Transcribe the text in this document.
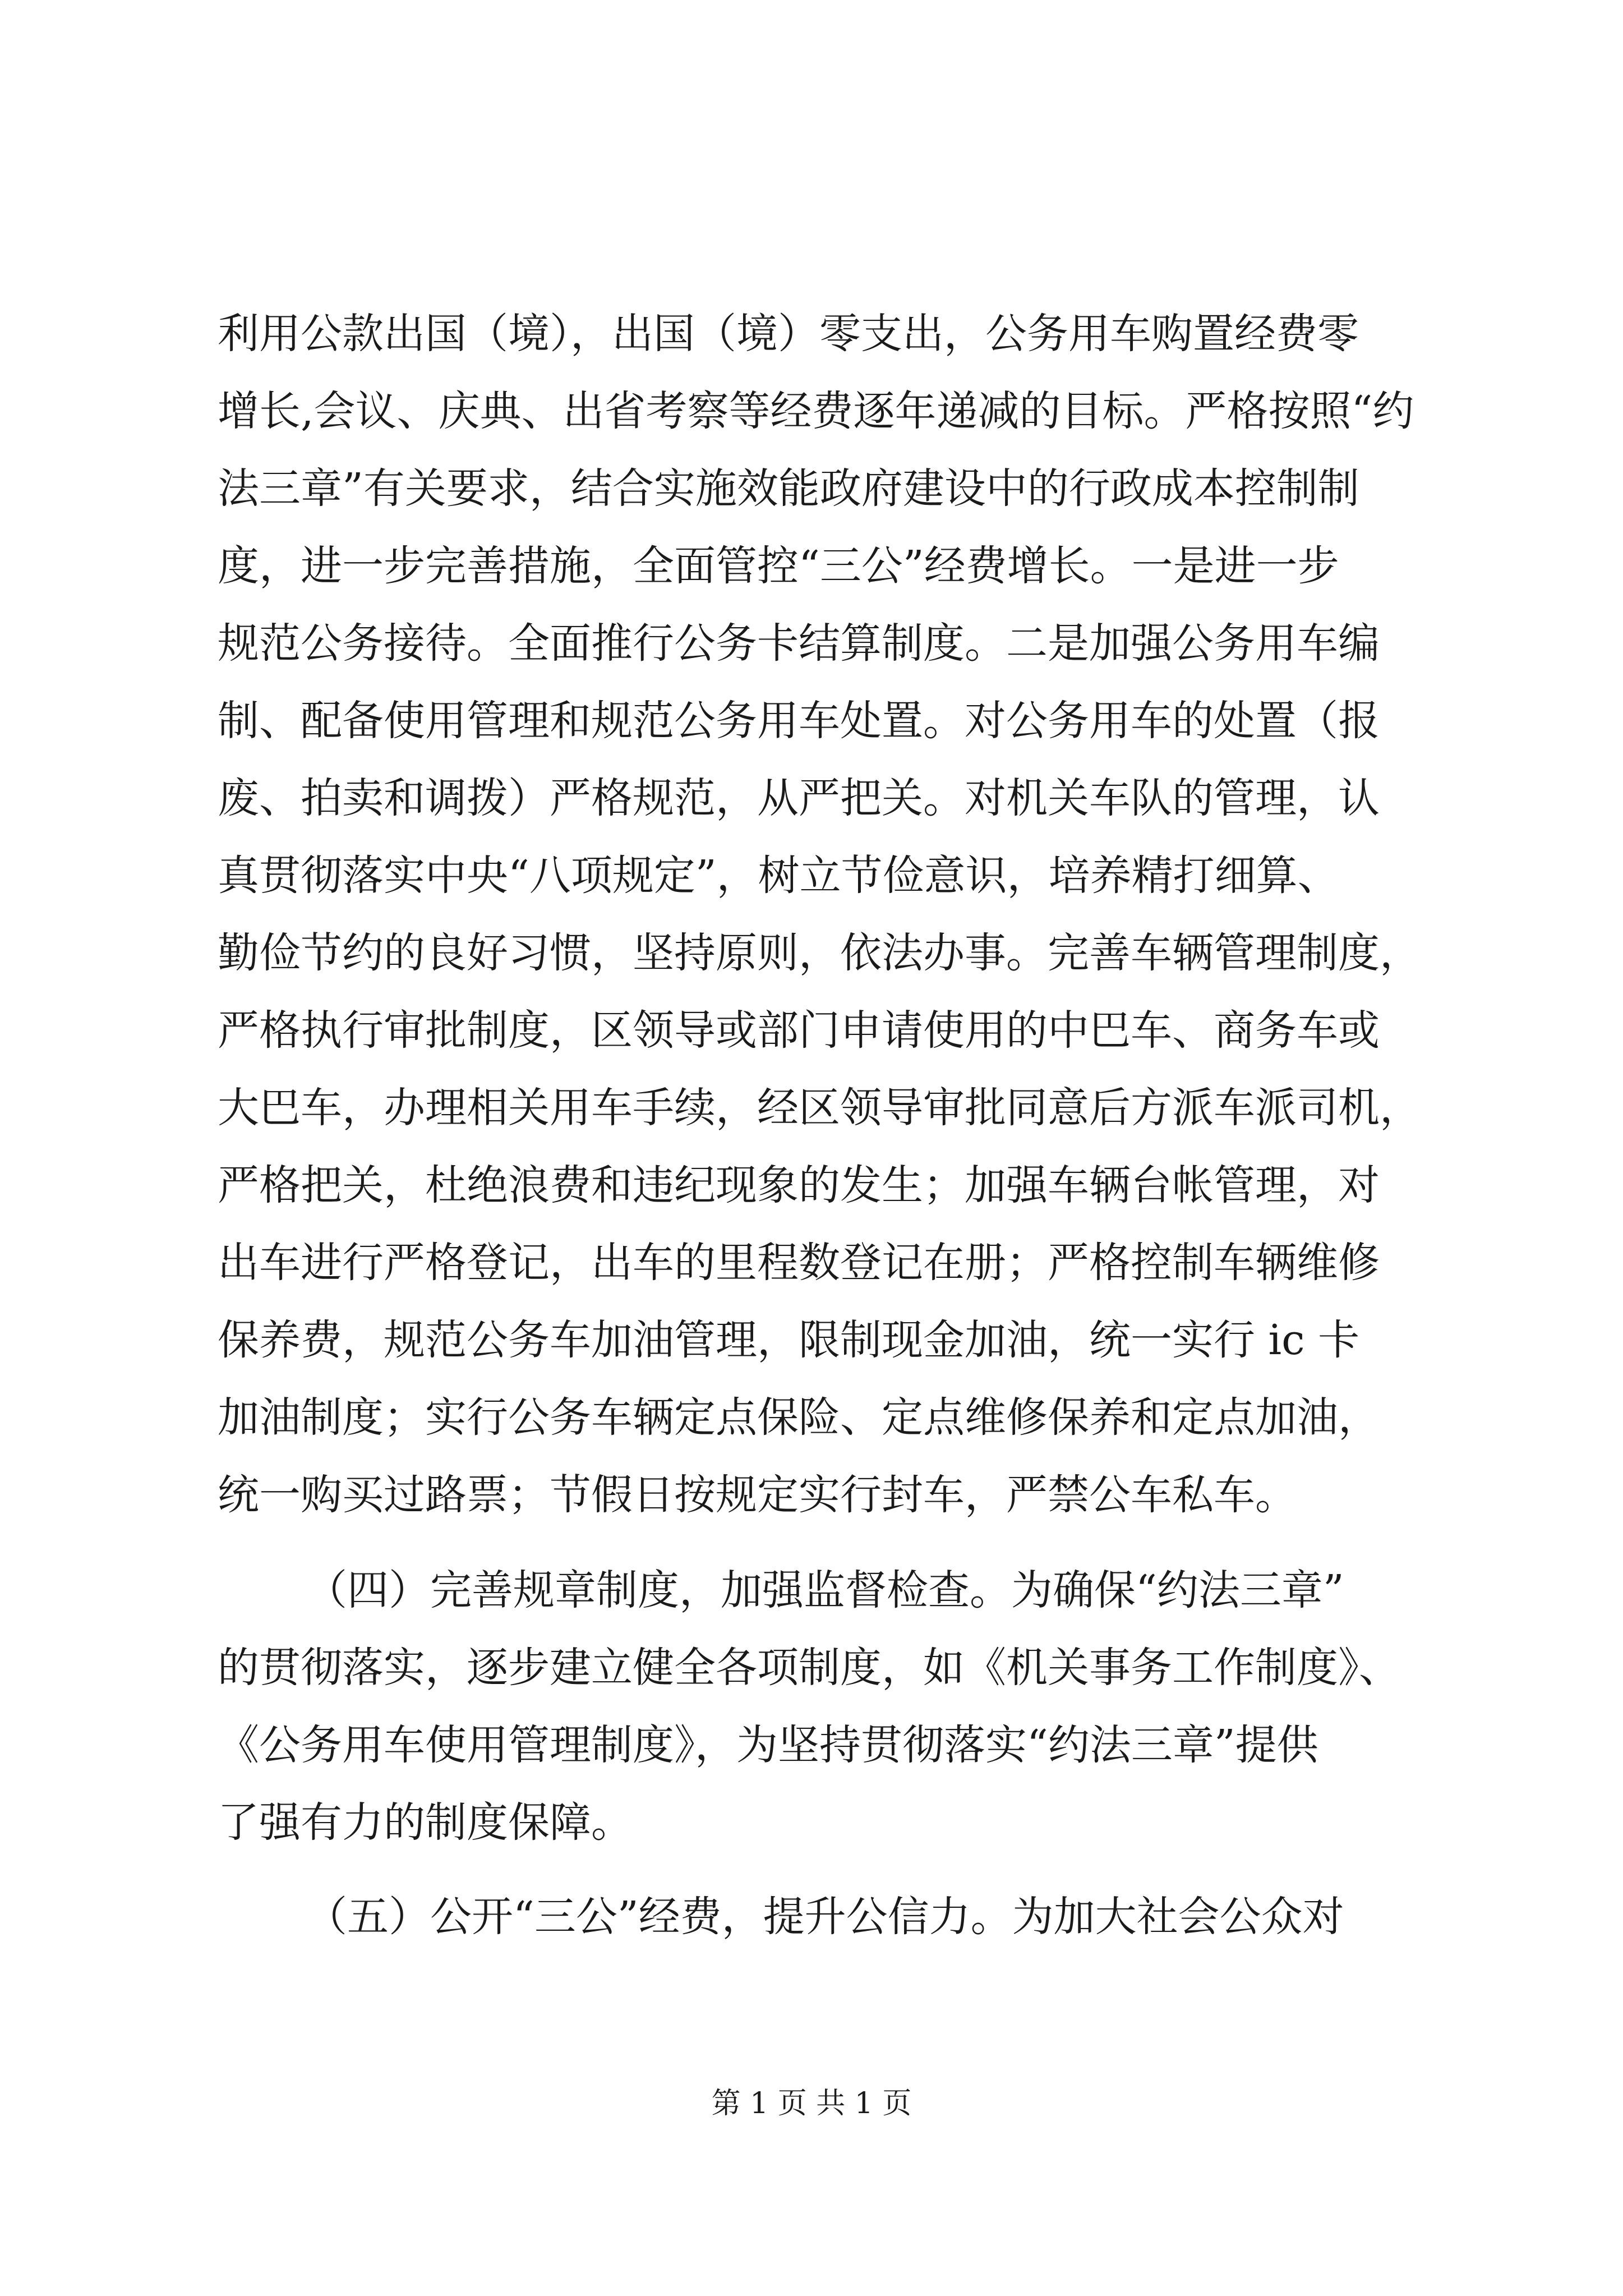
利用公款出国（境），出国（境）零支出，公务用车购置经费零

增长,会议、庆典、出省考察等经费逐年递减的目标。严格按照“约

法三章”有关要求，结合实施效能政府建设中的行政成本控制制

度，进一步完善措施，全面管控“三公”经费增长。一是进一步

规范公务接待。全面推行公务卡结算制度。二是加强公务用车编

制、配备使用管理和规范公务用车处置。对公务用车的处置（报

废、拍卖和调拨）严格规范，从严把关。对机关车队的管理，认

真贯彻落实中央“八项规定”，树立节俭意识，培养精打细算、

勤俭节约的良好习惯，坚持原则，依法办事。完善车辆管理制度，

严格执行审批制度，区领导或部门申请使用的中巴车、商务车或

大巴车，办理相关用车手续，经区领导审批同意后方派车派司机，

严格把关，杜绝浪费和违纪现象的发生；加强车辆台帐管理，对

出车进行严格登记，出车的里程数登记在册；严格控制车辆维修

保养费，规范公务车加油管理，限制现金加油，统一实行 ic 卡

加油制度；实行公务车辆定点保险、定点维修保养和定点加油，

统一购买过路票；节假日按规定实行封车，严禁公车私车。

（四）完善规章制度，加强监督检查。为确保“约法三章”

的贯彻落实，逐步建立健全各项制度，如《机关事务工作制度》、

《公务用车使用管理制度》，为坚持贯彻落实“约法三章”提供

了强有力的制度保障。

（五）公开“三公”经费，提升公信力。为加大社会公众对

第 1 页 共 1 页
